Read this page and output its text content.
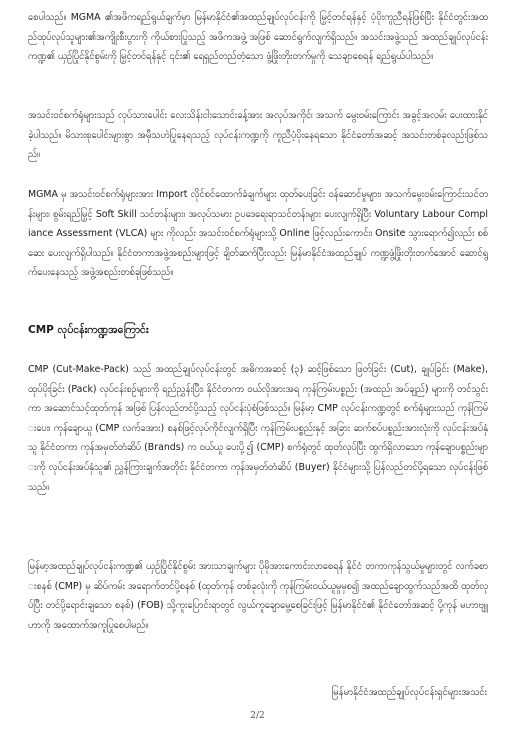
စေပါသည်။ MGMA ၏အဖိကရည်ရွယ်ချက်မှာ မြန်မာနိုင်ငံ၏အထည်ချုပ်လုပ်ငန်းကို မြှင့်တင်ရန်နှင့် ပံ့ပိုးကူညီရန်ဖြစ်ပြီး နိုင်ငံတွင်းအထည်ထုပ်လုပ်သူများ၏အကျိုးစီးပွားကို ကိုယ်စားပြုသည့် အဖိကအဖွဲ့ အဖြစ် ဆောင်ရွက်လျက်ရှိသည်။ အသင်းအဖွဲ့သည် အထည်ချုပ်လုပ်ငန်းကဏ္ဍ၏ ယှဉ်ပြိုင်နိုင်စွမ်းကို မြှင့်တင်ရန်နှင့် ၎င်း၏ ရေရှည်တည်တံ့သော ဖွံ့ဖြိုးတိုးတက်မှုကို သေချာစေရန် ရည်ရွယ်ပါသည်။

အသင်းဝင်စက်ရုံများသည် လုပ်သားပေါင်း လေးသိန်းငါးသောင်းခန့်အား အလုပ်အကိုင်၊ အသက် မွေးဝမ်းကြောင်း အခွင့်အလမ်း ပေးထားနိုင်ခဲ့ပါသည်။ မိသားစုပေါင်းများစွာ အမှီသဟဲပြုနေရသည့် လုပ်ငန်းကဏ္ဍကို ကူညီပံ့ပိုးနေရသော နိုင်ငံတော်အဆင့် အသင်းတစ်ခုလည်းဖြစ်သည်။

MGMA မှ အသင်းဝင်စက်ရုံများအား Import လိုင်စင်ထောက်ခံချက်များ ထုတ်ပေးခြင်း ဝန်ဆောင်မှုများ၊ အသက်မွေးဝမ်းကြောင်းသင်တန်းများ၊ စွမ်းရည်မြှင့် Soft Skill သင်တန်းများ၊ အလုပ်သမား ဥပဒေရေးရာသင်တန်းများ ပေးလျက်ရှိပြီး Voluntary Labour Compliance Assessment (VLCA) များ ကိုလည်း အသင်းဝင်စက်ရုံများသို့ Online ဖြင့်လည်းကောင်း၊ Onsite သွားရောက်၍လည်း စစ်ဆေး ပေးလျက်ရှိပါသည်။ နိုင်ငံတကာအဖွဲ့အစည်းများဖြင့် ချိတ်ဆက်ပြီးလည်း မြန်မာနိုင်ငံအထည်ချုပ် ကဏ္ဍဖွံ့ဖြိုးတိုးတက်အောင် ဆောင်ရွက်ပေးနေသည့် အဖွဲ့အစည်းတစ်ခုဖြစ်သည်။

CMP လုပ်ငန်းကဏ္ဍအကြောင်း

CMP (Cut-Make-Pack) သည် အထည်ချုပ်လုပ်ငန်းတွင် အဓိကအဆင့် (၃) ဆင့်ဖြစ်သော ဖြတ်ခြင်း (Cut), ချုပ်ခြင်း (Make), ထုပ်ပိုးခြင်း (Pack) လုပ်ငန်းစဉ်များကို ရည်ညွှန်းပြီး၊ နိုင်ငံတကာ ဝယ်လိုအားအရ ကုန်ကြမ်းပစ္စည်း (အထည်၊ အပ်ချည်) များကို တင်သွင်းကာ အဆောင်သင့်ထုတ်ကုန် အဖြစ် ပြန်လည်တင်ပို့သည့် လုပ်ငန်းပုံစံဖြစ်သည်။ မြန်မာ့ CMP လုပ်ငန်းကဏ္ဍတွင် စက်ရုံများသည် ကုန်ကြမ်းပေး၊ ကုန်ချောယူ (CMP လက်ခအား) စနစ်ဖြင့်လုပ်ကိုင်လျက်ရှိပြီး ကုန်ကြမ်းပစ္စည်းနှင့် အခြား ဆက်စပ်ပစ္စည်းအားလုံးကို လုပ်ငန်းအပ်နှံသူ နိုင်ငံတကာ ကုန်အမှတ်တံဆိပ် (Brands) က ဝယ်ယူ ပေးပို့၍ (CMP) စက်ရုံတွင် ထုတ်လုပ်ပြီး ထွက်ရှိလာသော ကုန်ချောပစ္စည်းများကို လုပ်ငန်းအပ်နှံသူ၏ ညွှန်ကြားချက်အတိုင်း နိုင်ငံတကာ ကုန်အမှတ်တံဆိပ် (Buyer) နိုင်ငံများသို့ ပြန်လည်တင်ပို့ရသော လုပ်ငန်းဖြစ်သည်။

မြန်မာ့အထည်ချုပ်လုပ်ငန်းကဏ္ဍ၏ ယှဉ်ပြိုင်နိုင်စွမ်း အားသာချက်များ ပိုမိုအားကောင်းလာစေရန် နိုင်ငံ တကာကုန်သွယ်မှုများတွင် လက်ခစားစနစ် (CMP) မှ ဆိပ်ကမ်း အရောက်တင်ပို့စနစ် (ထုတ်ကုန် တစ်ခုလုံးကို ကုန်ကြမ်းဝယ်ယူမှုမှစ၍ အထည်ချောထွက်သည်အထိ ထုတ်လုပ်ပြီး တင်ပို့ရောင်းချသော စနစ်) (FOB) သို့ကူးပြောင်းရာတွင် လွယ်ကူချောမွေ့စေခြင်းဖြင့် မြန်မာနိုင်ငံ၏ နိုင်ငံတော်အဆင့် ပို့ကုန် မဟာဗျူဟာကို အထောက်အကူပြုစေပါမည်။

မြန်မာနိုင်ငံအထည်ချုပ်လုပ်ငန်းရှင်များအသင်း

2/2
